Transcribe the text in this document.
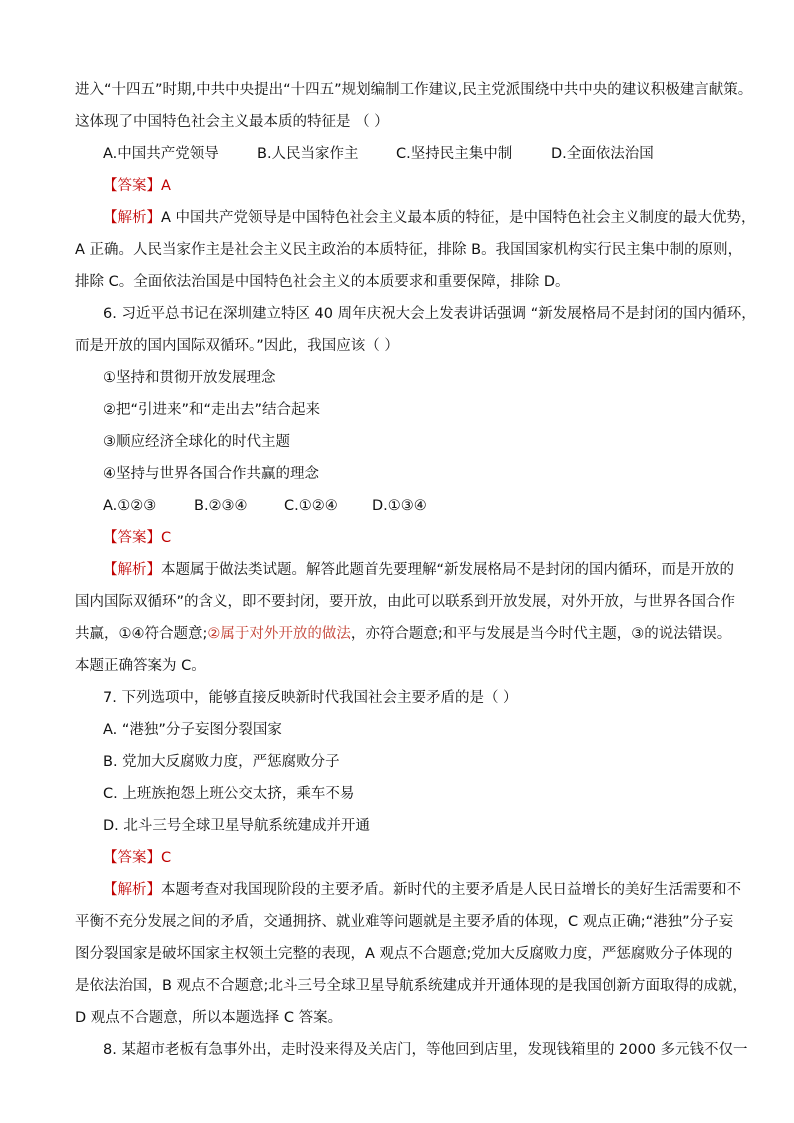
进入“十四五”时期,中共中央提出“十四五”规划编制工作建议,民主党派围绕中共中央的建议积极建言献策。
这体现了中国特色社会主义最本质的特征是 （ ）
A.中国共产党领导	B.人民当家作主	C.坚持民主集中制	D.全面依法治国
【答案】A
【解析】A 中国共产党领导是中国特色社会主义最本质的特征，是中国特色社会主义制度的最大优势，
A 正确。人民当家作主是社会主义民主政治的本质特征，排除 B。我国国家机构实行民主集中制的原则，
排除 C。全面依法治国是中国特色社会主义的本质要求和重要保障，排除 D。
6. 习近平总书记在深圳建立特区 40 周年庆祝大会上发表讲话强调 “新发展格局不是封闭的国内循环，
而是开放的国内国际双循环。”因此，我国应该（ ）
①坚持和贯彻开放发展理念
②把“引进来”和“走出去”结合起来
③顺应经济全球化的时代主题
④坚持与世界各国合作共赢的理念
A.①②③	B.②③④	C.①②④ D.①③④
【答案】C
【解析】本题属于做法类试题。解答此题首先要理解“新发展格局不是封闭的国内循环，而是开放的
国内国际双循环”的含义，即不要封闭，要开放，由此可以联系到开放发展，对外开放，与世界各国合作
共赢，①④符合题意;②属于对外开放的做法，亦符合题意;和平与发展是当今时代主题，③的说法错误。
本题正确答案为 C。
7. 下列选项中，能够直接反映新时代我国社会主要矛盾的是（ ）
A. “港独”分子妄图分裂国家
B. 党加大反腐败力度，严惩腐败分子
C. 上班族抱怨上班公交太挤，乘车不易
D. 北斗三号全球卫星导航系统建成并开通
【答案】C
【解析】本题考查对我国现阶段的主要矛盾。新时代的主要矛盾是人民日益增长的美好生活需要和不
平衡不充分发展之间的矛盾，交通拥挤、就业难等问题就是主要矛盾的体现，C 观点正确;“港独”分子妄
图分裂国家是破坏国家主权领土完整的表现，A 观点不合题意;党加大反腐败力度，严惩腐败分子体现的
是依法治国，B 观点不合题意;北斗三号全球卫星导航系统建成并开通体现的是我国创新方面取得的成就，
D 观点不合题意，所以本题选择 C 答案。
8. 某超市老板有急事外出，走时没来得及关店门，等他回到店里，发现钱箱里的 2000 多元钱不仅一
